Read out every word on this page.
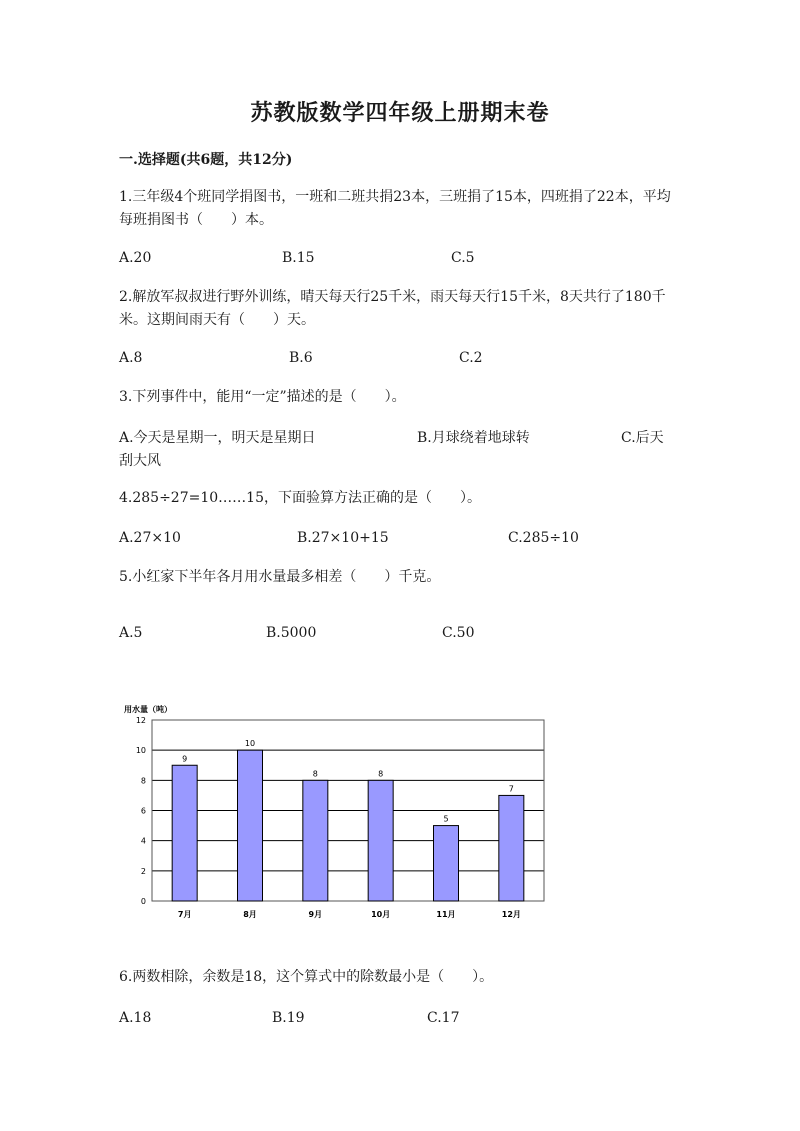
苏教版数学四年级上册期末卷
一.选择题(共6题，共12分)
1.三年级4个班同学捐图书，一班和二班共捐23本，三班捐了15本，四班捐了22本，平均每班捐图书（　　）本。
A.20	B.15	C.5
2.解放军叔叔进行野外训练，晴天每天行25千米，雨天每天行15千米，8天共行了180千米。这期间雨天有（　　）天。
A.8	B.6	C.2
3.下列事件中，能用“一定”描述的是（　　）。
A.今天是星期一，明天是星期日	B.月球绕着地球转	C.后天刮大风
4.285÷27=10……15，下面验算方法正确的是（　　）。
A.27×10	B.27×10+15	C.285÷10
5.小红家下半年各月用水量最多相差（　　）千克。
A.5	B.5000	C.50
用水量（吨）
0
2
4
6
8
10
12
9
7月
10
8月
8
9月
8
10月
5
11月
7
12月
6.两数相除，余数是18，这个算式中的除数最小是（　　）。
A.18	B.19	C.17
